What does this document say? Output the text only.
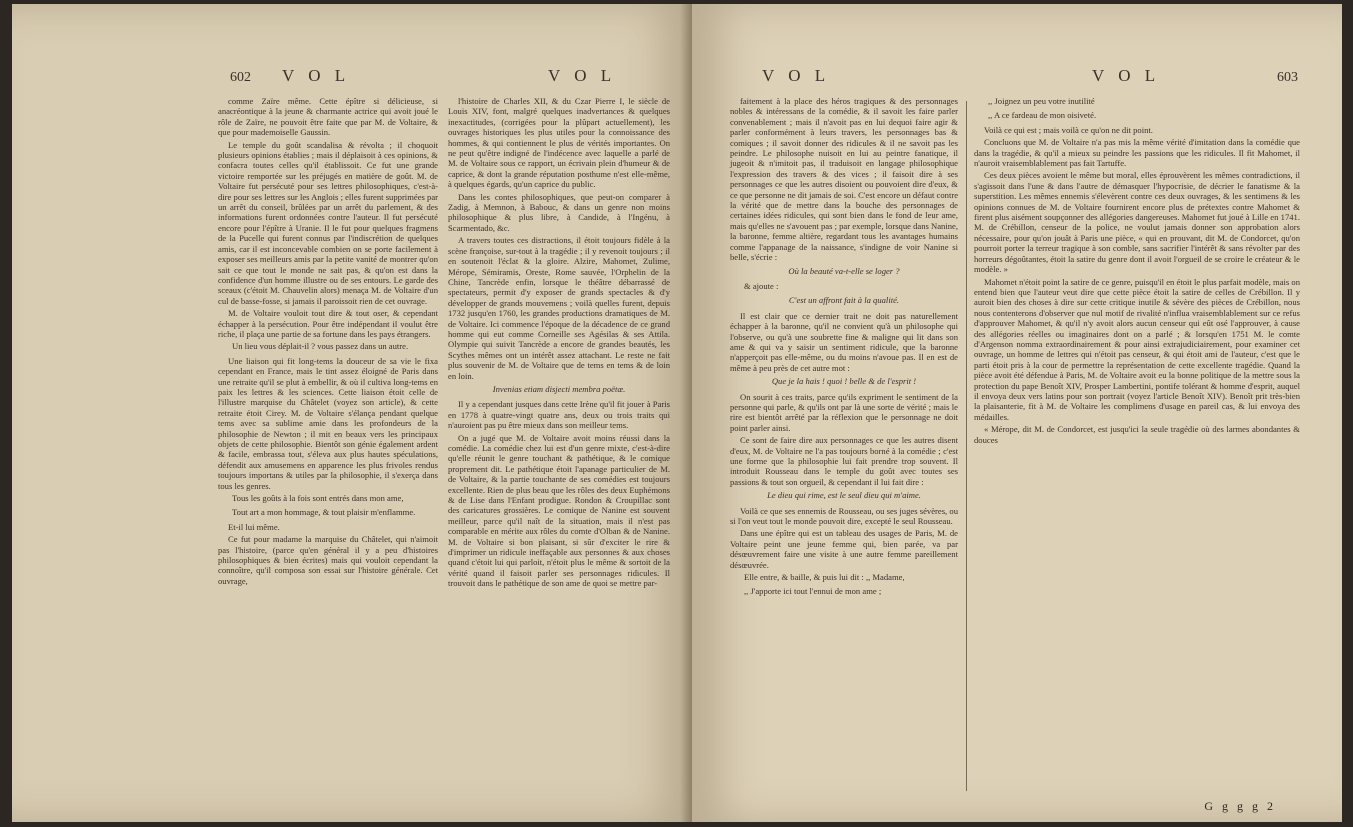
602 V O L	V O L

comme Zaïre même. Cette épître si délicieuse, si anacréontique à la jeune & charmante actrice qui avoit joué le rôle de Zaïre, ne pouvoit être faite que par M. de Voltaire, & que pour mademoiselle Gaussin.

Le temple du goût scandalisa & révolta ; il choquoit plusieurs opinions établies ; mais il déplaisoit à ces opinions, & confacra toutes celles qu'il établissoit. Ce fut une grande victoire remportée sur les préjugés en matière de goût. M. de Voltaire fut persécuté pour ses lettres philosophiques, c'est-à-dire pour ses lettres sur les Anglois ; elles furent supprimées par un arrêt du conseil, brûlées par un arrêt du parlement, & des informations furent ordonnées contre l'auteur. Il fut persécuté encore pour l'épître à Uranie. Il le fut pour quelques fragmens de la Pucelle qui furent connus par l'indiscrétion de quelques amis, car il est inconcevable combien on se porte facilement à exposer ses meilleurs amis par la petite vanité de montrer qu'on sait ce que tout le monde ne sait pas, & qu'on est dans la confidence d'un homme illustre ou de ses entours. Le garde des sceaux (c'étoit M. Chauvelin alors) menaça M. de Voltaire d'un cul de basse-fosse, si jamais il paroissoit rien de cet ouvrage.

M. de Voltaire vouloit tout dire & tout oser, & cependant échapper à la persécution. Pour être indépendant il voulut être riche, il plaça une partie de sa fortune dans les pays étrangers.

Un lieu vous déplait-il ? vous passez dans un autre.

Une liaison qui fit long-tems la douceur de sa vie le fixa cependant en France, mais le tint assez éloigné de Paris dans une retraite qu'il se plut à embellir, & où il cultiva long-tems en paix les lettres & les sciences. Cette liaison étoit celle de l'illustre marquise du Châtelet (voyez son article), & cette retraite étoit Cirey. M. de Voltaire s'élança pendant quelque tems avec sa sublime amie dans les profondeurs de la philosophie de Newton ; il mit en beaux vers les principaux objets de cette philosophie. Bientôt son génie également ardent & facile, embrassa tout, s'éleva aux plus hautes spéculations, défendit aux amusemens en apparence les plus frivoles rendus toujours importans & utiles par la philosophie, il s'exerça dans tous les genres.

Tous les goûts à la fois sont entrés dans mon ame,

Tout art a mon hommage, & tout plaisir m'enflamme.

Et-il lui même.

Ce fut pour madame la marquise du Châtelet, qui n'aimoit pas l'histoire, (parce qu'en général il y a peu d'histoires philosophiques & bien écrites) mais qui vouloit cependant la connoître, qu'il composa son essai sur l'histoire générale. Cet ouvrage,

l'histoire de Charles XII, & du Czar Pierre I, le siècle de Louis XIV, font, malgré quelques inadvertances & quelques inexactitudes, (corrigées pour la plûpart actuellement), les ouvrages historiques les plus utiles pour la connoissance des hommes, & qui contiennent le plus de vérités importantes. On ne peut qu'être indigné de l'indécence avec laquelle a parlé de M. de Voltaire sous ce rapport, un écrivain plein d'humeur & de caprice, & dont la grande réputation posthume n'est elle-même, à quelques égards, qu'un caprice du public.

Dans les contes philosophiques, que peut-on comparer à Zadig, à Memnon, à Babouc, & dans un genre non moins philosophique & plus libre, à Candide, à l'Ingénu, à Scarmentado, &c.

A travers toutes ces distractions, il étoit toujours fidèle à la scène françoise, sur-tout à la tragédie ; il y revenoit toujours ; il en soutenoit l'éclat & la gloire. Alzire, Mahomet, Zulime, Mérope, Sémiramis, Oreste, Rome sauvée, l'Orphelin de la Chine, Tancrède enfin, lorsque le théâtre débarrassé de spectateurs, permit d'y exposer de grands spectacles & d'y développer de grands mouvemens ; voilà quelles furent, depuis 1732 jusqu'en 1760, les grandes productions dramatiques de M. de Voltaire. Ici commence l'époque de la décadence de ce grand homme qui eut comme Corneille ses Agésilas & ses Attila. Olympie qui suivit Tancrède a encore de grandes beautés, les Scythes mêmes ont un intérêt assez attachant. Le reste ne fait plus souvenir de M. de Voltaire que de tems en tems & de loin en loin.

Invenias etiam disjecti membra poëtæ.

Il y a cependant jusques dans cette Irène qu'il fit jouer à Paris en 1778 à quatre-vingt quatre ans, deux ou trois traits qui n'auroient pas pu être mieux dans son meilleur tems.

On a jugé que M. de Voltaire avoit moins réussi dans la comédie. La comédie chez lui est d'un genre mixte, c'est-à-dire qu'elle réunit le genre touchant & pathétique, & le comique proprement dit. Le pathétique étoit l'apanage particulier de M. de Voltaire, & la partie touchante de ses comédies est toujours excellente. Rien de plus beau que les rôles des deux Euphémons & de Lise dans l'Enfant prodigue. Rondon & Croupillac sont des caricatures grossières. Le comique de Nanine est souvent meilleur, parce qu'il naît de la situation, mais il n'est pas comparable en mérite aux rôles du comte d'Olban & de Nanine. M. de Voltaire si bon plaisant, si sûr d'exciter le rire & d'imprimer un ridicule ineffaçable aux personnes & aux choses quand c'étoit lui qui parloit, n'étoit plus le même & sortoit de la vérité quand il faisoit parler ses personnages ridicules. Il trouvoit dans le pathétique de son ame de quoi se mettre par-

V O L	V O L	603

faitement à la place des héros tragiques & des personnages nobles & intéressans de la comédie, & il savoit les faire parler convenablement ; mais il n'avoit pas en lui dequoi faire agir & parler conformément à leurs travers, les personnages bas & comiques ; il savoit donner des ridicules & il ne savoit pas les peindre. Le philosophe nuisoit en lui au peintre fanatique, il jugeoit & n'imitoit pas, il traduisoit en langage philosophique l'expression des travers & des vices ; il faisoit dire à ses personnages ce que les autres disoient ou pouvoient dire d'eux, & ce que personne ne dit jamais de soi. C'est encore un défaut contre la vérité que de mettre dans la bouche des personnages de certaines idées ridicules, qui sont bien dans le fond de leur ame, mais qu'elles ne s'avouent pas ; par exemple, lorsque dans Nanine, la baronne, femme altière, regardant tous les avantages humains comme l'appanage de la naissance, s'indigne de voir Nanine si belle, s'écrie :

Où la beauté va-t-elle se loger ?

& ajoute :

C'est un affront fait à la qualité.

Il est clair que ce dernier trait ne doit pas naturellement échapper à la baronne, qu'il ne convient qu'à un philosophe qui l'observe, ou qu'à une soubrette fine & maligne qui lit dans son ame & qui va y saisir un sentiment ridicule, que la baronne n'apperçoit pas elle-même, ou du moins n'avoue pas. Il en est de même à peu près de cet autre mot :

Que je la hais ! quoi ! belle & de l'esprit !

On sourit à ces traits, parce qu'ils expriment le sentiment de la personne qui parle, & qu'ils ont par là une sorte de vérité ; mais le rire est bientôt arrêté par la réflexion que le personnage ne doit point parler ainsi.

Ce sont de faire dire aux personnages ce que les autres disent d'eux, M. de Voltaire ne l'a pas toujours borné à la comédie ; c'est une forme que la philosophie lui fait prendre trop souvent. Il introduit Rousseau dans le temple du goût avec toutes ses passions & tout son orgueil, & cependant il lui fait dire :

Le dieu qui rime, est le seul dieu qui m'aime.

Voilà ce que ses ennemis de Rousseau, ou ses juges sévères, ou si l'on veut tout le monde pouvoit dire, excepté le seul Rousseau.

Dans une épître qui est un tableau des usages de Paris, M. de Voltaire peint une jeune femme qui, bien parée, va par désœuvrement faire une visite à une autre femme pareillement désœuvrée.

Elle entre, & baille, & puis lui dit : ,, Madame,

,, J'apporte ici tout l'ennui de mon ame ;

,, Joignez un peu votre inutilité

,, A ce fardeau de mon oisiveté.

Voilà ce qui est ; mais voilà ce qu'on ne dit point.

Concluons que M. de Voltaire n'a pas mis la même vérité d'imitation dans la comédie que dans la tragédie, & qu'il a mieux su peindre les passions que les ridicules. Il fit Mahomet, il n'auroit vraisemblablement pas fait Tartuffe.

Ces deux pièces avoient le même but moral, elles éprouvèrent les mêmes contradictions, il s'agissoit dans l'une & dans l'autre de démasquer l'hypocrisie, de décrier le fanatisme & la superstition. Les mêmes ennemis s'élevèrent contre ces deux ouvrages, & les sentimens & les opinions connues de M. de Voltaire fournirent encore plus de prétextes contre Mahomet & firent plus aisément soupçonner des allégories dangereuses. Mahomet fut joué à Lille en 1741. M. de Crébillon, censeur de la police, ne voulut jamais donner son approbation alors nécessaire, pour qu'on jouât à Paris une pièce, « qui en prouvant, dit M. de Condorcet, qu'on pourroit porter la terreur tragique à son comble, sans sacrifier l'intérêt & sans révolter par des horreurs dégoûtantes, étoit la satire du genre dont il avoit l'orgueil de se croire le créateur & le modèle. »

Mahomet n'étoit point la satire de ce genre, puisqu'il en étoit le plus parfait modèle, mais on entend bien que l'auteur veut dire que cette pièce étoit la satire de celles de Crébillon. Il y auroit bien des choses à dire sur cette critique inutile & sévère des pièces de Crébillon, nous nous contenterons d'observer que nul motif de rivalité n'influa vraisemblablement sur ce refus d'approuver Mahomet, & qu'il n'y avoit alors aucun censeur qui eût osé l'approuver, à cause des allégories réelles ou imaginaires dont on a parlé ; & lorsqu'en 1751 M. le comte d'Argenson nomma extraordinairement & pour ainsi extrajudiciairement, pour examiner cet ouvrage, un homme de lettres qui n'étoit pas censeur, & qui étoit ami de l'auteur, c'est que le parti étoit pris à la cour de permettre la représentation de cette excellente tragédie. Quand la pièce avoit été défendue à Paris, M. de Voltaire avoit eu la bonne politique de la mettre sous la protection du pape Benoît XIV, Prosper Lambertini, pontife tolérant & homme d'esprit, auquel il envoya deux vers latins pour son portrait (voyez l'article Benoît XIV). Benoît prit très-bien la plaisanterie, fit à M. de Voltaire les complimens d'usage en pareil cas, & lui envoya des médailles.

« Mérope, dit M. de Condorcet, est jusqu'ici la seule tragédie où des larmes abondantes & douces

G g g g 2
